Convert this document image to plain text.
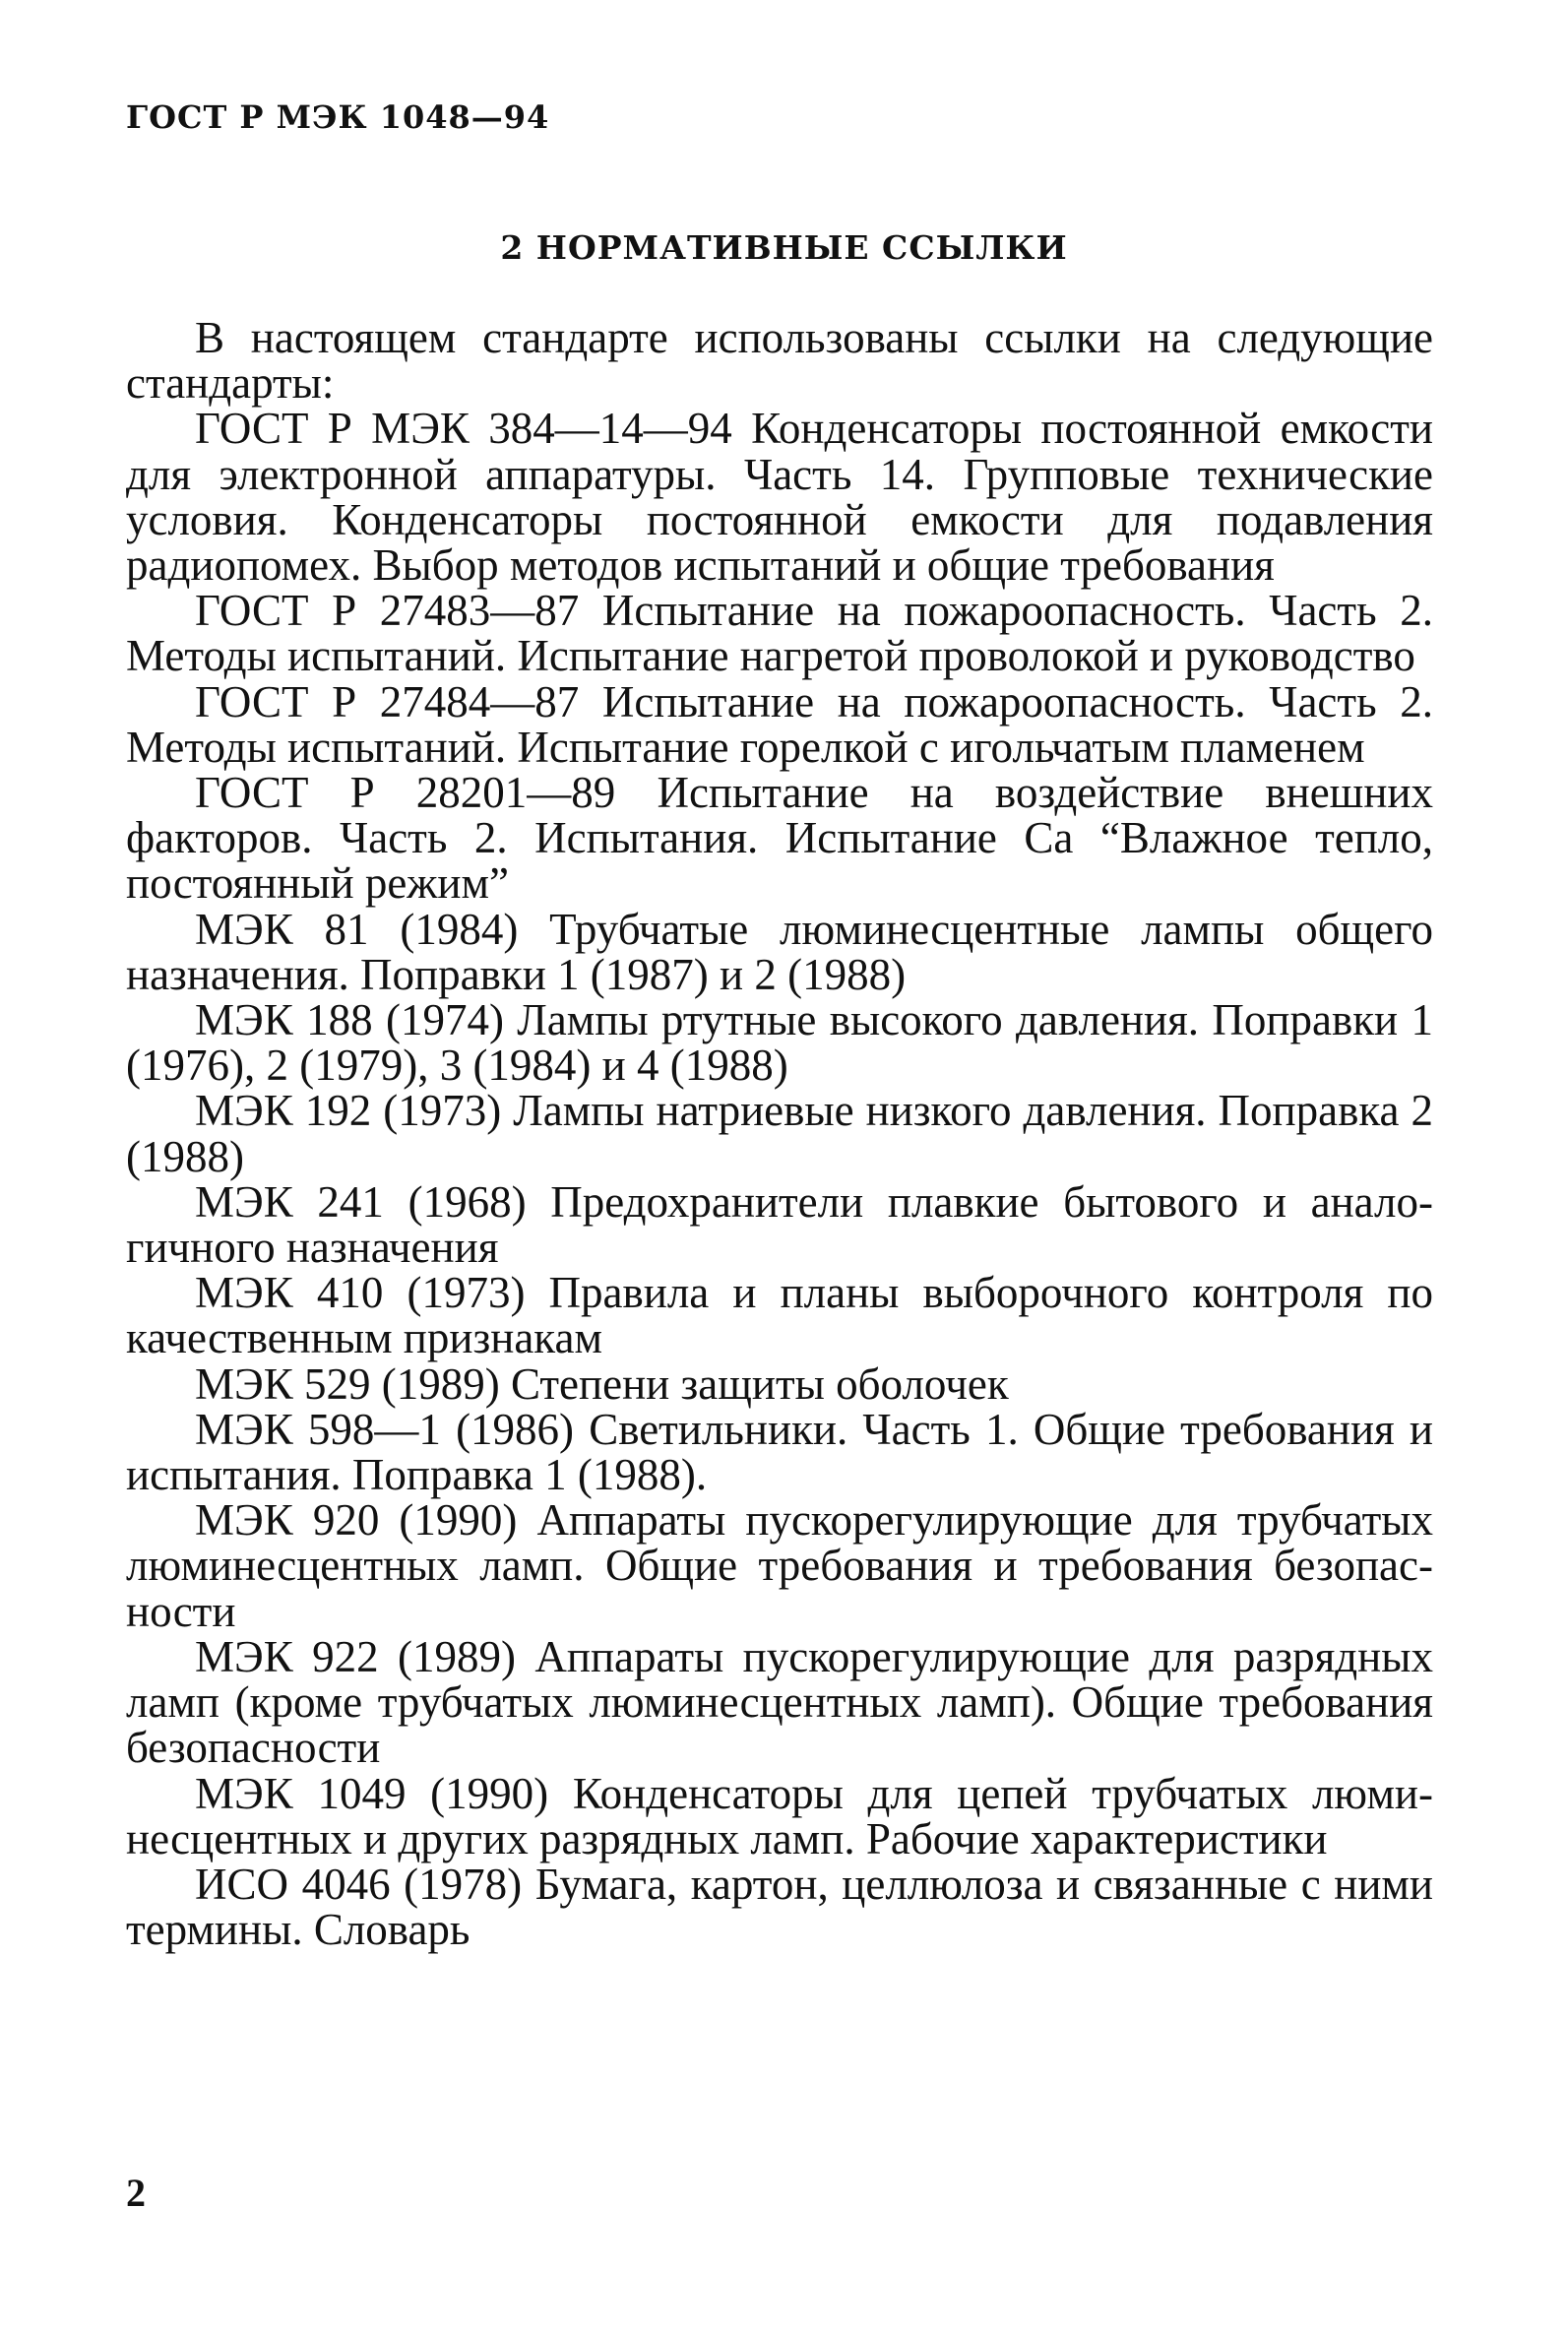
ГОСТ Р МЭК 1048—94

2 НОРМАТИВНЫЕ ССЫЛКИ

В настоящем стандарте использованы ссылки на следующие стандарты:

ГОСТ Р МЭК 384—14—94 Конденсаторы постоянной емкости для электронной аппаратуры. Часть 14. Групповые технические условия. Конденсаторы постоянной емкости для подавления радиопомех. Выбор методов испытаний и общие требования

ГОСТ Р 27483—87 Испытание на пожароопасность. Часть 2. Методы испытаний. Испытание нагретой проволокой и руководство

ГОСТ Р 27484—87 Испытание на пожароопасность. Часть 2. Методы испытаний. Испытание горелкой с игольчатым пламенем

ГОСТ Р 28201—89 Испытание на воздействие внешних факторов. Часть 2. Испытания. Испытание Са “Влажное тепло, постоянный режим”

МЭК 81 (1984) Трубчатые люминесцентные лампы общего назначения. Поправки 1 (1987) и 2 (1988)

МЭК 188 (1974) Лампы ртутные высокого давления. Поправки 1 (1976), 2 (1979), 3 (1984) и 4 (1988)

МЭК 192 (1973) Лампы натриевые низкого давления. Поправка 2 (1988)

МЭК 241 (1968) Предохранители плавкие бытового и аналогичного назначения

МЭК 410 (1973) Правила и планы выборочного контроля по качественным признакам

МЭК 529 (1989) Степени защиты оболочек

МЭК 598—1 (1986) Светильники. Часть 1. Общие требования и испытания. Поправка 1 (1988).

МЭК 920 (1990) Аппараты пускорегулирующие для трубчатых люминесцентных ламп. Общие требования и требования безопасности

МЭК 922 (1989) Аппараты пускорегулирующие для разрядных ламп (кроме трубчатых люминесцентных ламп). Общие требования безопасности

МЭК 1049 (1990) Конденсаторы для цепей трубчатых люминесцентных и других разрядных ламп. Рабочие характеристики

ИСО 4046 (1978) Бумага, картон, целлюлоза и связанные с ними термины. Словарь

2
